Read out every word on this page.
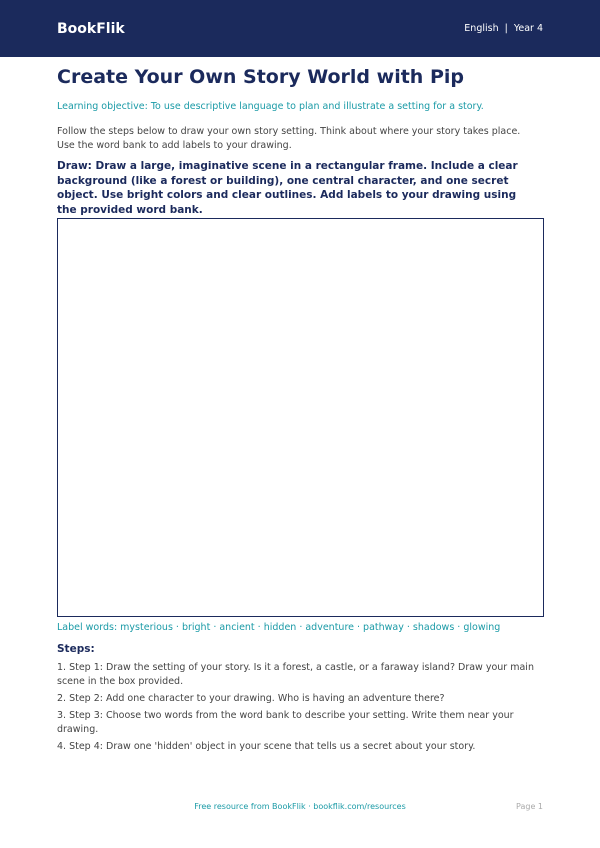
BookFlik	English | Year 4
Create Your Own Story World with Pip

Learning objective: To use descriptive language to plan and illustrate a setting for a story.

Follow the steps below to draw your own story setting. Think about where your story takes place. Use the word bank to add labels to your drawing.

Draw: Draw a large, imaginative scene in a rectangular frame. Include a clear background (like a forest or building), one central character, and one secret object. Use bright colors and clear outlines. Add labels to your drawing using the provided word bank.

Label words: mysterious · bright · ancient · hidden · adventure · pathway · shadows · glowing

Steps:

1. Step 1: Draw the setting of your story. Is it a forest, a castle, or a faraway island? Draw your main scene in the box provided.
2. Step 2: Add one character to your drawing. Who is having an adventure there?
3. Step 3: Choose two words from the word bank to describe your setting. Write them near your drawing.
4. Step 4: Draw one 'hidden' object in your scene that tells us a secret about your story.

Free resource from BookFlik · bookflik.com/resources	Page 1
